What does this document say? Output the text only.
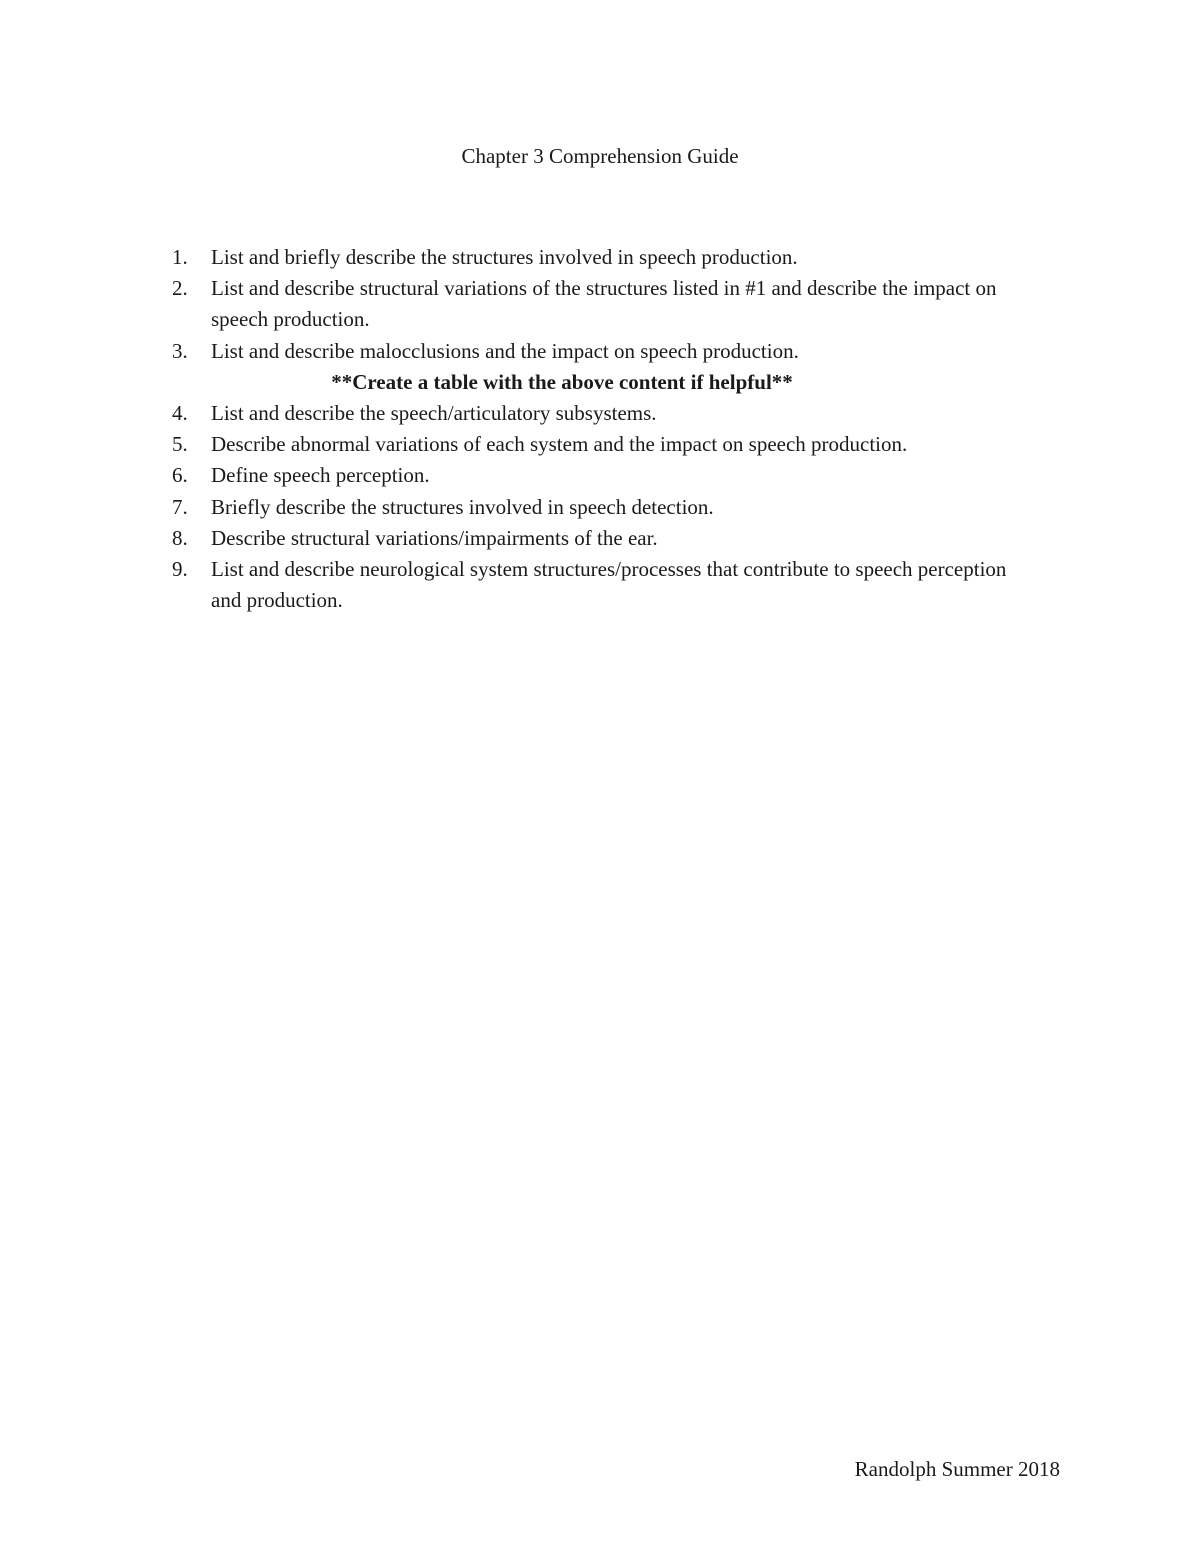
Chapter 3 Comprehension Guide
1.	List and briefly describe the structures involved in speech production.
2.	List and describe structural variations of the structures listed in #1 and describe the impact on speech production.
3.	List and describe malocclusions and the impact on speech production.
**Create a table with the above content if helpful**
4.	List and describe the speech/articulatory subsystems.
5.	Describe abnormal variations of each system and the impact on speech production.
6.	Define speech perception.
7.	Briefly describe the structures involved in speech detection.
8.	Describe structural variations/impairments of the ear.
9.	List and describe neurological system structures/processes that contribute to speech perception and production.
Randolph Summer 2018
